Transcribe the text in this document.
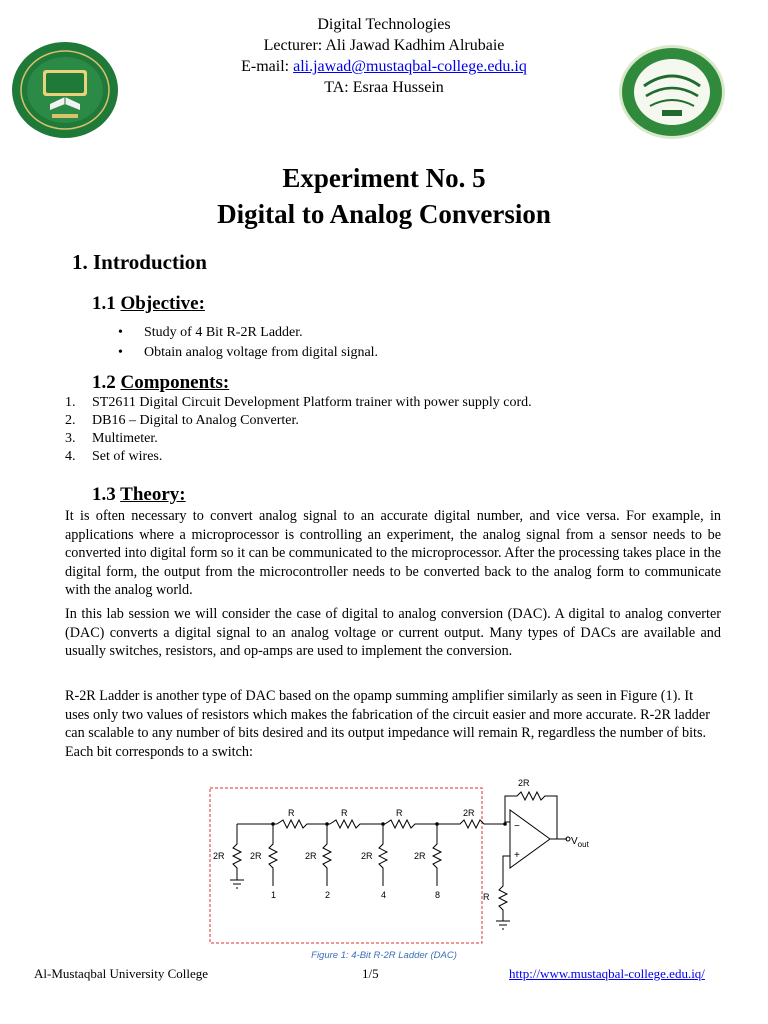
Digital Technologies
Lecturer: Ali Jawad Kadhim Alrubaie
E-mail: ali.jawad@mustaqbal-college.edu.iq
TA: Esraa Hussein
Experiment No. 5
Digital to Analog Conversion
1. Introduction
1.1 Objective:
• Study of 4 Bit R-2R Ladder.
• Obtain analog voltage from digital signal.
1.2 Components:
1.	ST2611 Digital Circuit Development Platform trainer with power supply cord.
2.	DB16 – Digital to Analog Converter.
3.	Multimeter.
4.	Set of wires.
1.3 Theory:

It is often necessary to convert analog signal to an accurate digital number, and vice versa. For example, in applications where a microprocessor is controlling an experiment, the analog signal from a sensor needs to be converted into digital form so it can be communicated to the microprocessor. After the processing takes place in the digital form, the output from the microcontroller needs to be converted back to the analog form to communicate with the analog world.

In this lab session we will consider the case of digital to analog conversion (DAC). A digital to analog converter (DAC) converts a digital signal to an analog voltage or current output. Many types of DACs are available and usually switches, resistors, and op-amps are used to implement the conversion.

R-2R Ladder is another type of DAC based on the opamp summing amplifier similarly as seen in Figure (1). It uses only two values of resistors which makes the fabrication of the circuit easier and more accurate. R-2R ladder can scalable to any number of bits desired and its output impedance will remain R, regardless the number of bits. Each bit corresponds to a switch:

−
+
R	R	R	2R
2R
2R	2R	2R	2R	2R
R
$V_{out}$
1	2	4	8
Figure 1: 4-Bit R-2R Ladder (DAC)
Al-Mustaqbal University College	1/5	http://www.mustaqbal-college.edu.iq/
